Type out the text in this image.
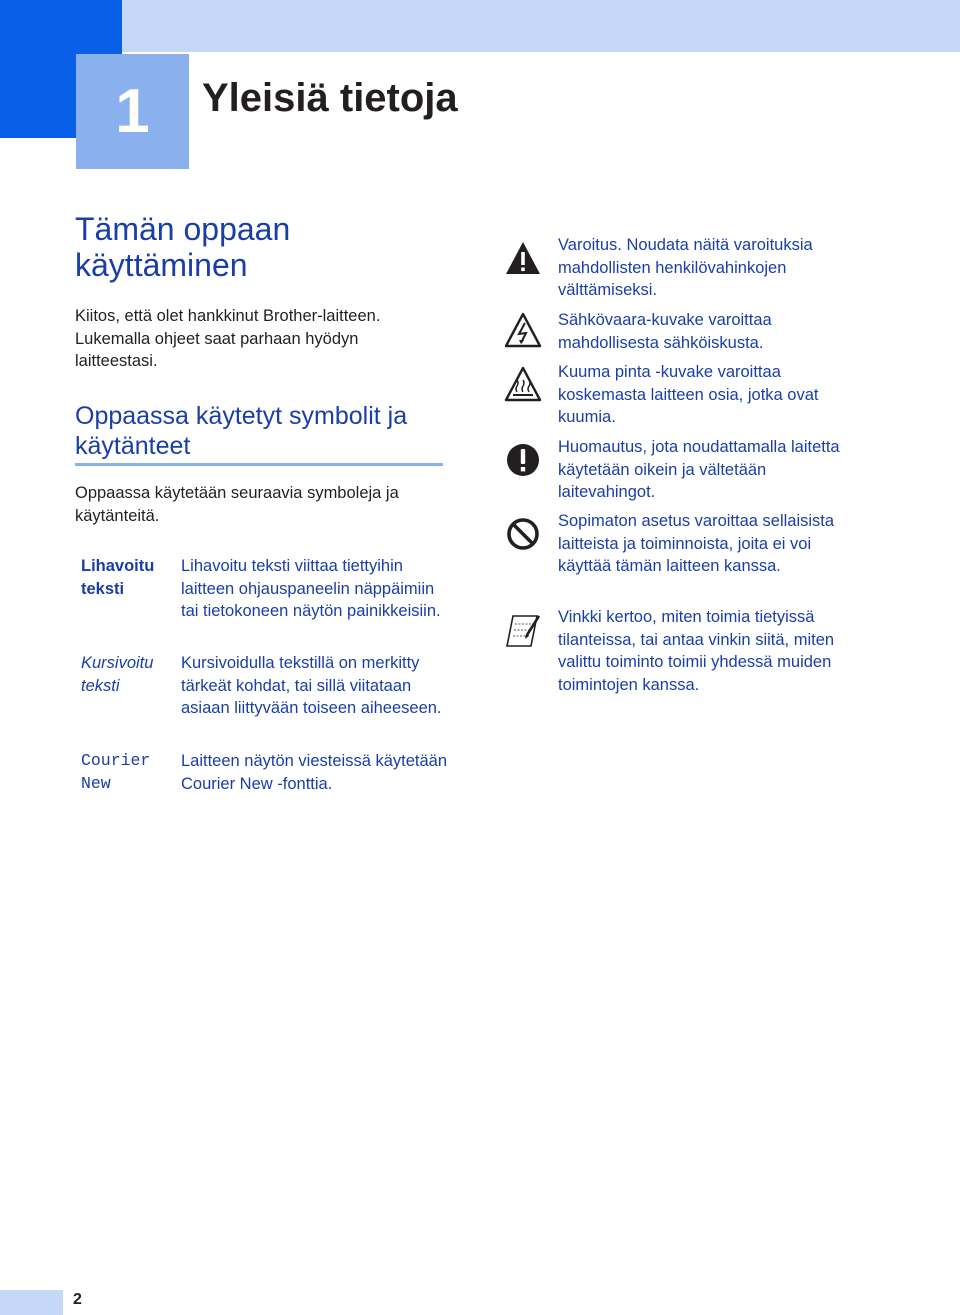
1	Yleisiä tietoja
Tämän oppaan käyttäminen

Kiitos, että olet hankkinut Brother-laitteen. Lukemalla ohjeet saat parhaan hyödyn laitteestasi.

Oppaassa käytetyt symbolit ja käytänteet

Oppaassa käytetään seuraavia symboleja ja käytänteitä.

Lihavoitu teksti

Lihavoitu teksti viittaa tiettyihin laitteen ohjauspaneelin näppäimiin tai tietokoneen näytön painikkeisiin.

Kursivoitu teksti

Kursivoidulla tekstillä on merkitty tärkeät kohdat, tai sillä viitataan asiaan liittyvään toiseen aiheeseen.

Courier New

Laitteen näytön viesteissä käytetään Courier New -fonttia.

Varoitus. Noudata näitä varoituksia mahdollisten henkilövahinkojen välttämiseksi.

Sähkövaara-kuvake varoittaa mahdollisesta sähköiskusta.

Kuuma pinta -kuvake varoittaa koskemasta laitteen osia, jotka ovat kuumia.

Huomautus, jota noudattamalla laitetta käytetään oikein ja vältetään laitevahingot.

Sopimaton asetus varoittaa sellaisista laitteista ja toiminnoista, joita ei voi käyttää tämän laitteen kanssa.

Vinkki kertoo, miten toimia tietyissä tilanteissa, tai antaa vinkin siitä, miten valittu toiminto toimii yhdessä muiden toimintojen kanssa.

2
